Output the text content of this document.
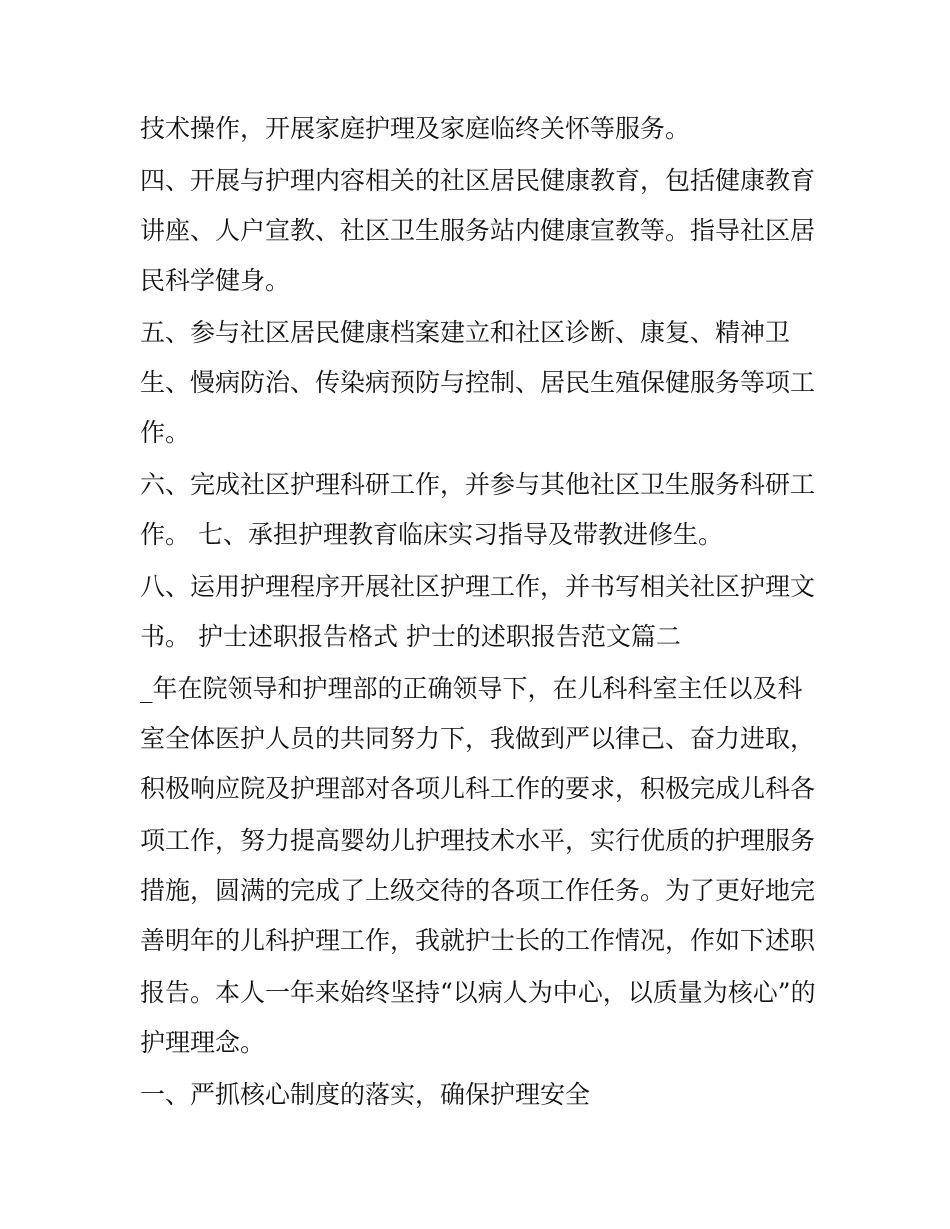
技术操作，开展家庭护理及家庭临终关怀等服务。
四、开展与护理内容相关的社区居民健康教育，包括健康教育
讲座、人户宣教、社区卫生服务站内健康宣教等。指导社区居
民科学健身。
五、参与社区居民健康档案建立和社区诊断、康复、精神卫
生、慢病防治、传染病预防与控制、居民生殖保健服务等项工
作。
六、完成社区护理科研工作，并参与其他社区卫生服务科研工
作。 七、承担护理教育临床实习指导及带教进修生。
八、运用护理程序开展社区护理工作，并书写相关社区护理文
书。 护士述职报告格式 护士的述职报告范文篇二
_年在院领导和护理部的正确领导下，在儿科科室主任以及科
室全体医护人员的共同努力下，我做到严以律己、奋力进取，
积极响应院及护理部对各项儿科工作的要求，积极完成儿科各
项工作，努力提高婴幼儿护理技术水平，实行优质的护理服务
措施，圆满的完成了上级交待的各项工作任务。为了更好地完
善明年的儿科护理工作，我就护士长的工作情况，作如下述职
报告。本人一年来始终坚持“以病人为中心，以质量为核心”的
护理理念。
一、严抓核心制度的落实，确保护理安全
